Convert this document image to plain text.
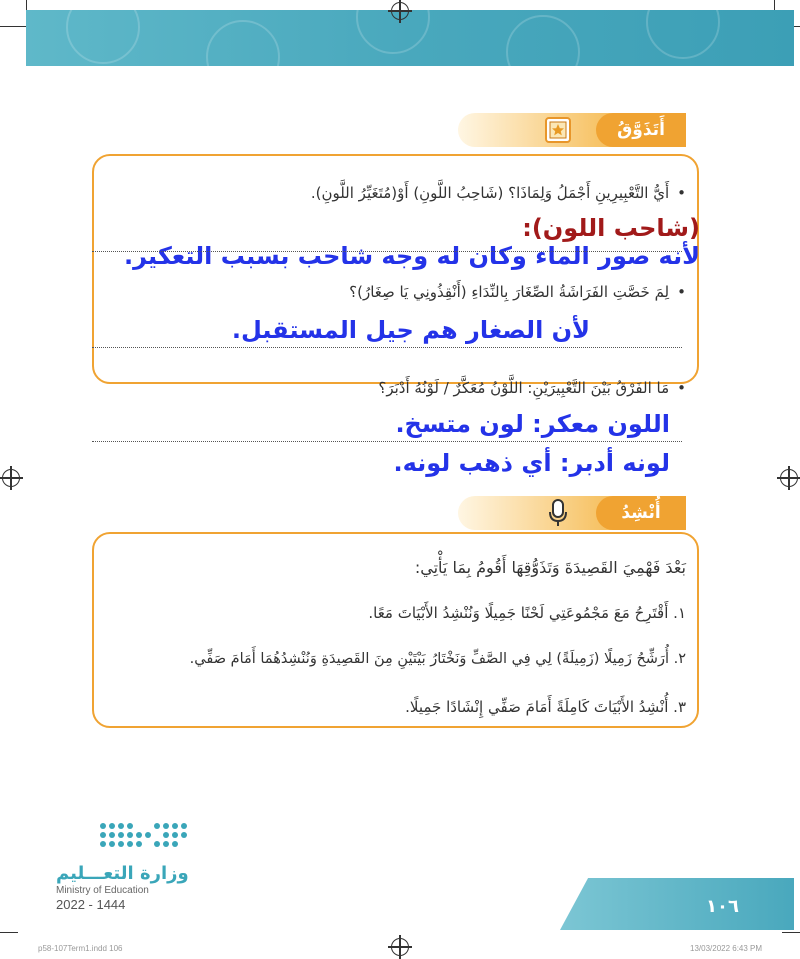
أَتَذَوَّقُ
• أَيُّ التَّعْبِيرِينِ أَجْمَلُ وَلِمَاذَا؟ (شَاحِبُ اللَّونِ) أَوْ(مُتَغَيِّرُ اللَّونِ).
(شاحب اللون): لأنه صور الماء وكان له وجه شاحب بسبب التعكير.
• لِمَ خَصَّتِ الفَرَاشَةُ الصِّغَارَ بِالنِّدَاءِ (أَنْقِذُونِي يَا صِغَارُ)؟
لأن الصغار هم جيل المستقبل.
• مَا الفَرْقُ بَيْنَ التَّعْبِيرَيْنِ: اللَّوْنُ مُعَكَّرٌ / لَوْنُهُ أَدْبَرَ؟
اللون معكر: لون متسخ.
لونه أدبر: أي ذهب لونه.
أُنْشِدُ
بَعْدَ فَهْمِيَ القَصِيدَةَ وَتَذَوُّقِهَا أَقُومُ بِمَا يَأْتِي:
١. أَقْتَرِحُ مَعَ مَجْمُوعَتِي لَحْنًا جَمِيلًا وَنُنْشِدُ الأَبْيَاتَ مَعًا.
٢. أُرَشِّحُ زَمِيلًا (زَمِيلَةً) لِي فِي الصَّفِّ وَنَخْتَارُ بَيْتَيْنِ مِنَ القَصِيدَةِ وَنُنْشِدُهُمَا أَمَامَ صَفِّي.
٣. أُنْشِدُ الأَبْيَاتَ كَامِلَةً أَمَامَ صَفِّي إِنْشَادًا جَمِيلًا.
وزارة التعـــليم
Ministry of Education
2022 - 1444	١٠٦
p58-107Term1.indd 106	13/03/2022 6:43 PM
